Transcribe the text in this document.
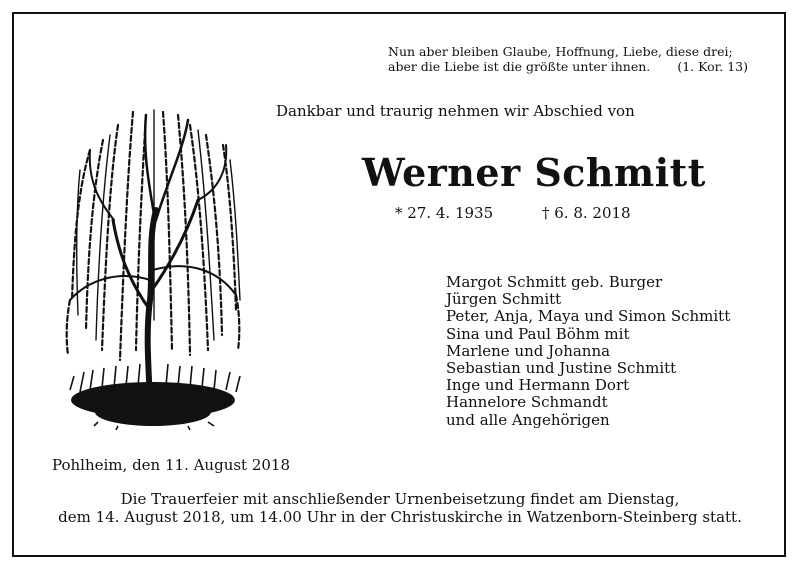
Nun aber bleiben Glaube, Hoffnung, Liebe, diese drei;
aber die Liebe ist die größte unter ihnen. (1. Kor. 13)
Dankbar und traurig nehmen wir Abschied von
Werner Schmitt
* 27. 4. 1935	† 6. 8. 2018
Margot Schmitt geb. Burger
Jürgen Schmitt
Peter, Anja, Maya und Simon Schmitt
Sina und Paul Böhm mit
Marlene und Johanna
Sebastian und Justine Schmitt
Inge und Hermann Dort
Hannelore Schmandt
und alle Angehörigen
Pohlheim, den 11. August 2018
Die Trauerfeier mit anschließender Urnenbeisetzung findet am Dienstag,
dem 14. August 2018, um 14.00 Uhr in der Christuskirche in Watzenborn-Steinberg statt.
